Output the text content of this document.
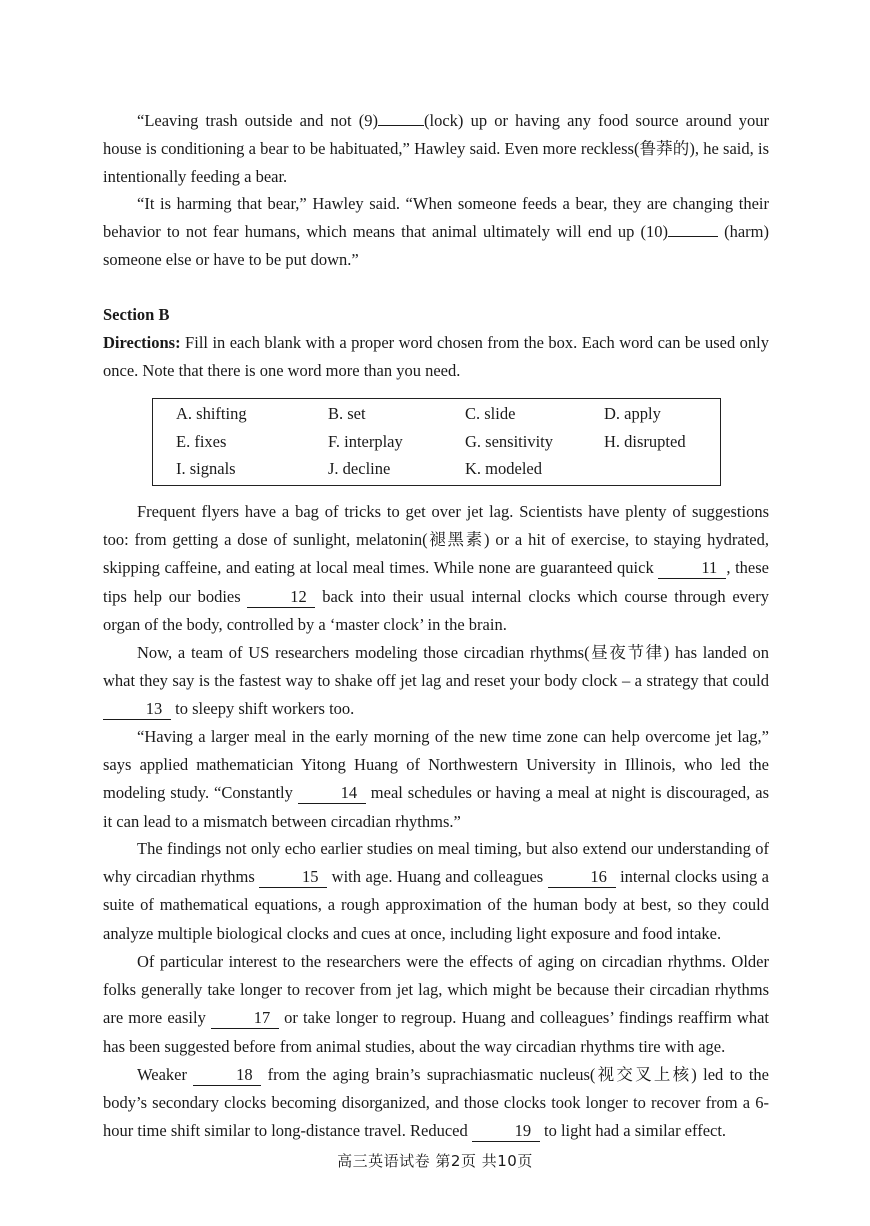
“Leaving trash outside and not (9)	(lock) up or having any food source around your house is conditioning a bear to be habituated,” Hawley said. Even more reckless(鲁莽的), he said, is intentionally feeding a bear.

“It is harming that bear,” Hawley said. “When someone feeds a bear, they are changing their behavior to not fear humans, which means that animal ultimately will end up (10)	(harm) someone else or have to be put down.”

Section B

Directions: Fill in each blank with a proper word chosen from the box. Each word can be used only once. Note that there is one word more than you need.

A. shifting	B. set	C. slide	D. apply
E. fixes	F. interplay	G. sensitivity	H. disrupted
I. signals	J. decline	K. modeled

Frequent flyers have a bag of tricks to get over jet lag. Scientists have plenty of suggestions too: from getting a dose of sunlight, melatonin(褪黑素) or a hit of exercise, to staying hydrated, skipping caffeine, and eating at local meal times. While none are guaranteed quick	11 , these tips help our bodies	12 back into their usual internal clocks which course through every organ of the body, controlled by a ‘master clock’ in the brain.

Now, a team of US researchers modeling those circadian rhythms(昼夜节律) has landed on what they say is the fastest way to shake off jet lag and reset your body clock – a strategy that could 13 to sleepy shift workers too.

“Having a larger meal in the early morning of the new time zone can help overcome jet lag,” says applied mathematician Yitong Huang of Northwestern University in Illinois, who led the modeling study. “Constantly	14 meal schedules or having a meal at night is discouraged, as it can lead to a mismatch between circadian rhythms.”

The findings not only echo earlier studies on meal timing, but also extend our understanding of why circadian rhythms	15 with age. Huang and colleagues	16 internal clocks using a suite of mathematical equations, a rough approximation of the human body at best, so they could analyze multiple biological clocks and cues at once, including light exposure and food intake.

Of particular interest to the researchers were the effects of aging on circadian rhythms. Older folks generally take longer to recover from jet lag, which might be because their circadian rhythms are more easily	17 or take longer to regroup. Huang and colleagues’ findings reaffirm what has been suggested before from animal studies, about the way circadian rhythms tire with age.

Weaker	18 from the aging brain’s suprachiasmatic nucleus(视交叉上核) led to the body’s secondary clocks becoming disorganized, and those clocks took longer to recover from a 6-hour time shift similar to long-distance travel. Reduced	19 to light had a similar effect.

高三英语试卷 第2页 共10页
